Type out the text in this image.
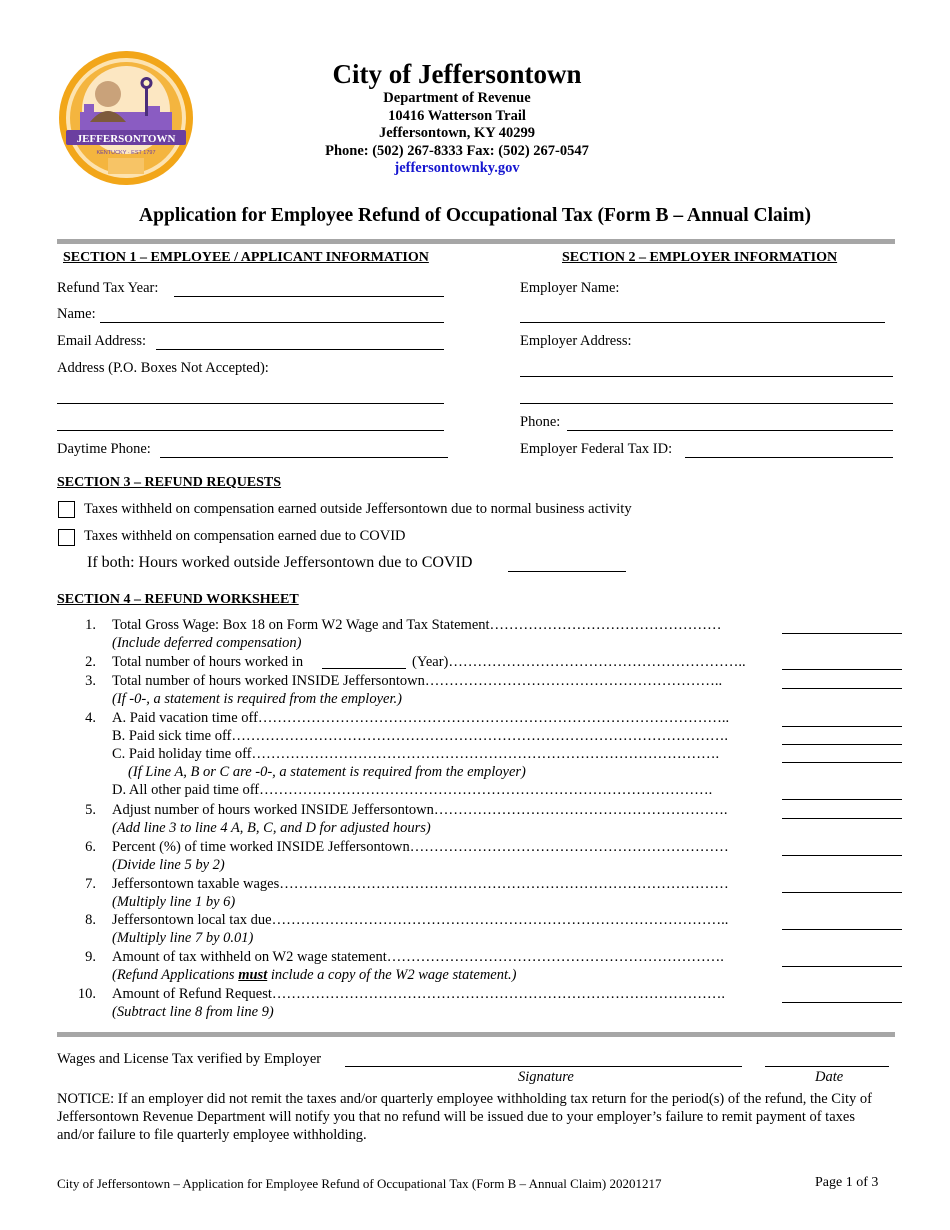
JEFFERSONTOWN
KENTUCKY · EST 1797
City of Jeffersontown
Department of Revenue
10416 Watterson Trail
Jeffersontown, KY 40299
Phone: (502) 267-8333 Fax: (502) 267-0547
jeffersontownky.gov
Application for Employee Refund of Occupational Tax (Form B – Annual Claim)
SECTION 1 – EMPLOYEE / APPLICANT INFORMATION
Refund Tax Year:
Name:
Email Address:
Address (P.O. Boxes Not Accepted):
Daytime Phone:
SECTION 2 – EMPLOYER INFORMATION
Employer Name:
Employer Address:
Phone:
Employer Federal Tax ID:
SECTION 3 – REFUND REQUESTS
Taxes withheld on compensation earned outside Jeffersontown due to normal business activity
Taxes withheld on compensation earned due to COVID
If both: Hours worked outside Jeffersontown due to COVID
SECTION 4 – REFUND WORKSHEET
1. Total Gross Wage: Box 18 on Form W2 Wage and Tax Statement…………………………………………
(Include deferred compensation)
2. Total number of hours worked in	(Year)……………………………………………………..
3. Total number of hours worked INSIDE Jeffersontown……………………………………………………..
(If -0-, a statement is required from the employer.)
4. A. Paid vacation time off……………………………………………………………………………………..
B. Paid sick time off………………………………………………………………………………………….
C. Paid holiday time off…………………………………………………………………………………….
(If Line A, B or C are -0-, a statement is required from the employer)
D. All other paid time off………………………………………………………………………………….
5. Adjust number of hours worked INSIDE Jeffersontown…………………………………………………….
(Add line 3 to line 4 A, B, C, and D for adjusted hours)
6. Percent (%) of time worked INSIDE Jeffersontown…………………………………………………………
(Divide line 5 by 2)
7. Jeffersontown taxable wages…………………………………………………………………………………
(Multiply line 1 by 6)
8. Jeffersontown local tax due…………………………………………………………………………………..
(Multiply line 7 by 0.01)
9. Amount of tax withheld on W2 wage statement…………………………………………………………….
(Refund Applications must include a copy of the W2 wage statement.)
10. Amount of Refund Request………………………………………………………………………………….
(Subtract line 8 from line 9)
Wages and License Tax verified by Employer
Signature	Date
NOTICE: If an employer did not remit the taxes and/or quarterly employee withholding tax return for the period(s) of the refund, the City of Jeffersontown Revenue Department will notify you that no refund will be issued due to your employer’s failure to remit payment of taxes and/or failure to file quarterly employee withholding.
City of Jeffersontown – Application for Employee Refund of Occupational Tax (Form B – Annual Claim) 20201217	Page 1 of 3
